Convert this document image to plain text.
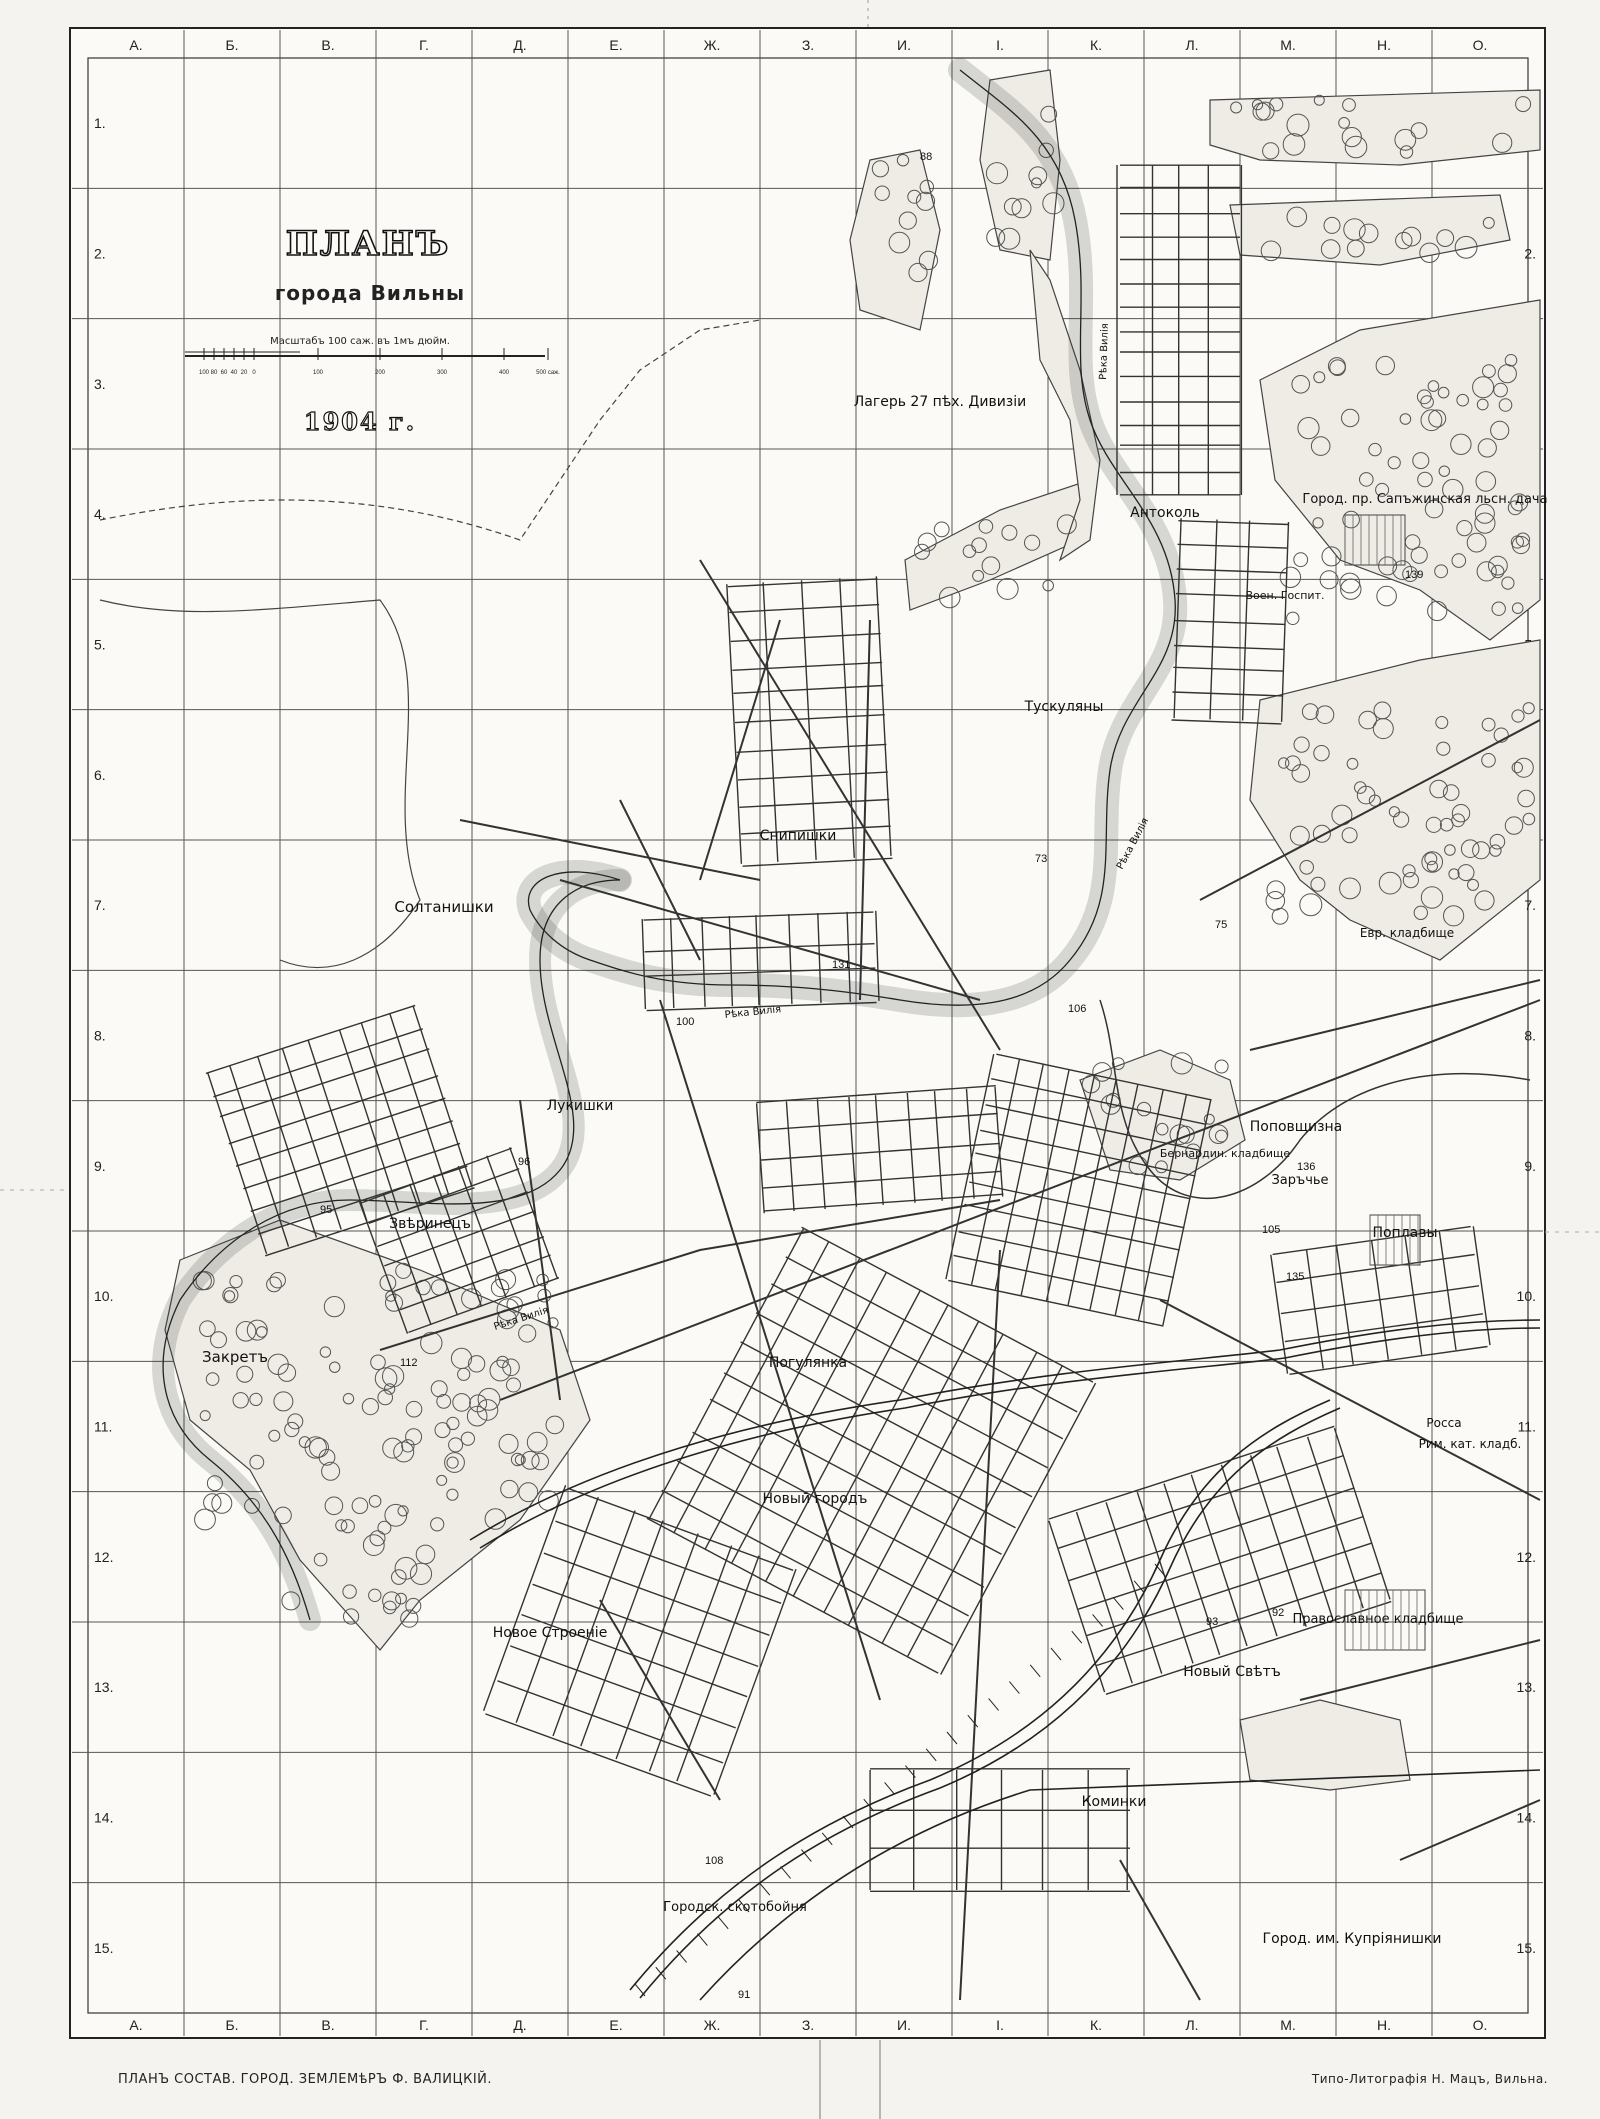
А.
А.
Б.
Б.
В.
В.
Г.
Г.
Д.
Д.
Е.
Е.
Ж.
Ж.
З.
З.
И.
И.
І.
І.
К.
К.
Л.
Л.
М.
М.
Н.
Н.
О.
О.
1.
2.	2.
3.
4.
5.
6.
7.	7.
8.	8.
9.	9.
10.	10.
11.	11.
12.	12.
13.	13.
14.	14.
15.	15.
100 80 60 40 20 0	100	200	300	400	500 саж.
ПЛАНЪ
города Вильны
Масштабъ 100 саж. въ 1мъ дюйм.
1904 г.
Лагерь 27 пѣх. Дивизіи
Антоколь
Тускуляны
Снипишки
Солтанишки
Лукишки
Поповщизна
Заръчье
Поплавы
Звѣринецъ
Закретъ	Погулянка
Новый городъ
Новое Строеніе
Новый Свѣтъ
Рим. кат. кладб.
Росса
Православное кладбище
Коминки
Городск. скотобойня
Город. им. Купріянишки
Город. пр. Сапъжинская льсн. дача
Евр. кладбище
Воен. Госпит.
Бернардин. кладбище
Рѣка Вилія
Рѣка Вилія
Рѣка Вилія
Рѣка Вилія
88
139
73
75
131
106
100
96
112
95
93
92
108
91
136
135
105
ПЛАНЪ СОСТАВ. ГОРОД. ЗЕМЛЕМѣРЪ Ф. ВАЛИЦКІЙ.	Типо-Литографія Н. Мацъ, Вильна.
